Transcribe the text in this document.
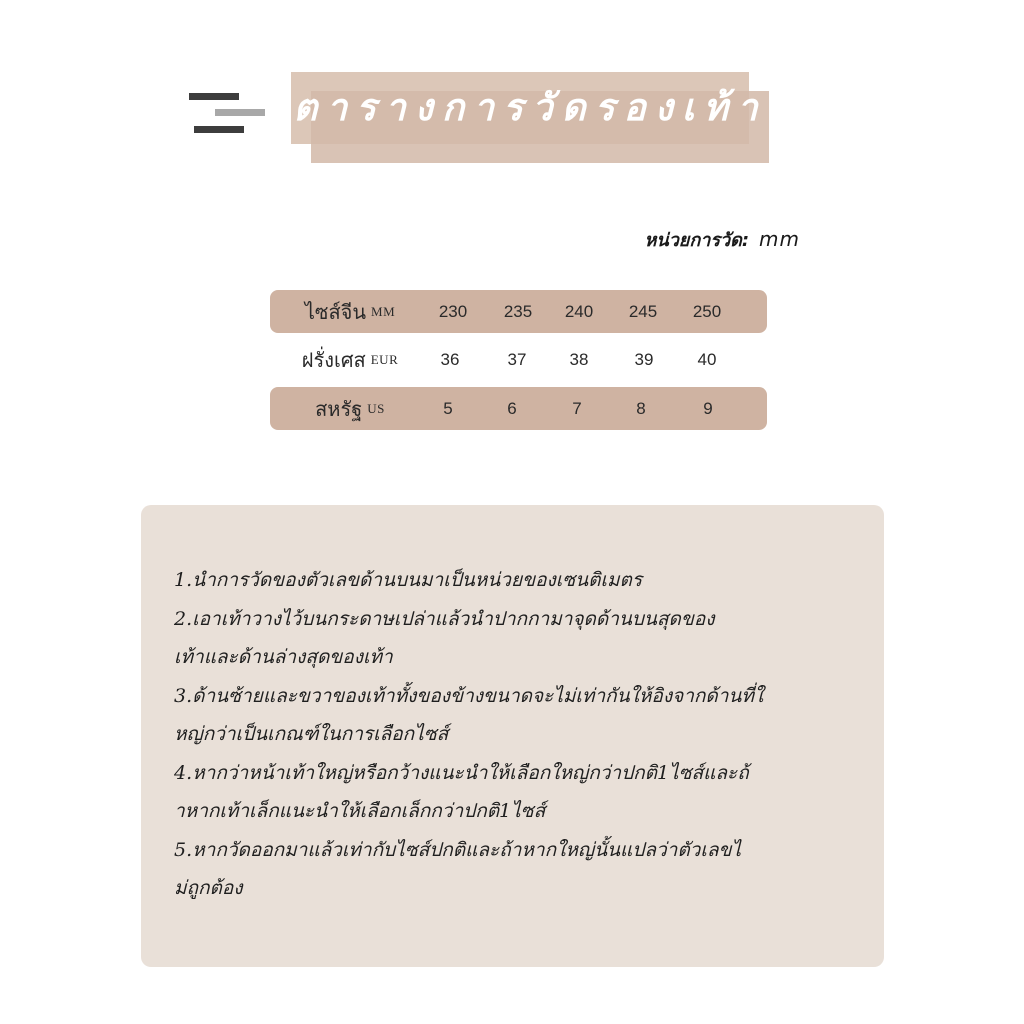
ตารางการวัดรองเท้า
หน่วยการวัด: mm
ไซส์จีน MM	230	235	240	245	250
ฝรั่งเศส EUR	36	37	38	39	40
สหรัฐ US	5	6	7	8	9
1.นำการวัดของตัวเลขด้านบนมาเป็นหน่วยของเซนติเมตร
2.เอาเท้าวางไว้บนกระดาษเปล่าแล้วนำปากกามาจุดด้านบนสุดของ
เท้าและด้านล่างสุดของเท้า
3.ด้านซ้ายและขวาของเท้าทั้งของข้างขนาดจะไม่เท่ากันให้อิงจากด้านที่ใ
หญ่กว่าเป็นเกณฑ์ในการเลือกไซส์
4.หากว่าหน้าเท้าใหญ่หรือกว้างแนะนำให้เลือกใหญ่กว่าปกติ1ไซส์และถ้
าหากเท้าเล็กแนะนำให้เลือกเล็กกว่าปกติ1ไซส์
5.หากวัดออกมาแล้วเท่ากับไซส์ปกติและถ้าหากใหญ่นั้นแปลว่าตัวเลขไ
ม่ถูกต้อง
